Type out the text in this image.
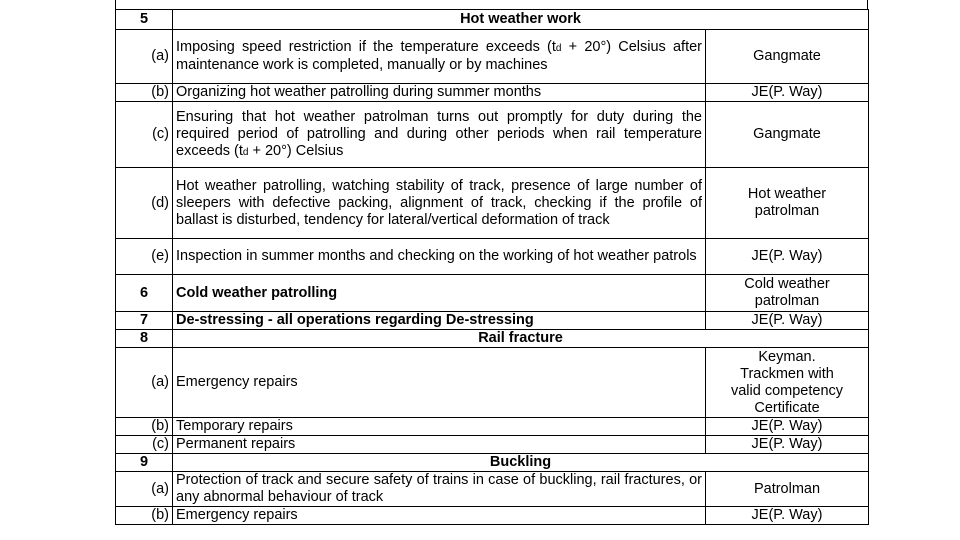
5	Hot weather work	
(a)	Imposing speed restriction if the temperature exceeds (td + 20°) Celsius after maintenance work is completed, manually or by machines	Gangmate
(b)	Organizing hot weather patrolling during summer months	JE(P. Way)
(c)	Ensuring that hot weather patrolman turns out promptly for duty during the required period of patrolling and during other periods when rail temperature exceeds (td + 20°) Celsius	Gangmate
(d)	Hot weather patrolling, watching stability of track, presence of large number of sleepers with defective packing, alignment of track, checking if the profile of ballast is disturbed, tendency for lateral/vertical deformation of track	Hot weather
patrolman
(e)	Inspection in summer months and checking on the working of hot weather patrols	JE(P. Way)
6	Cold weather patrolling	Cold weather
patrolman
7	De-stressing - all operations regarding De-stressing	JE(P. Way)
8	Rail fracture	
(a)	Emergency repairs	Keyman.
Trackmen with
valid competency
Certificate
(b)	Temporary repairs	JE(P. Way)
(c)	Permanent repairs	JE(P. Way)
9	Buckling	
(a)	Protection of track and secure safety of trains in case of buckling, rail fractures, or any abnormal behaviour of track	Patrolman
(b)	Emergency repairs	JE(P. Way)
